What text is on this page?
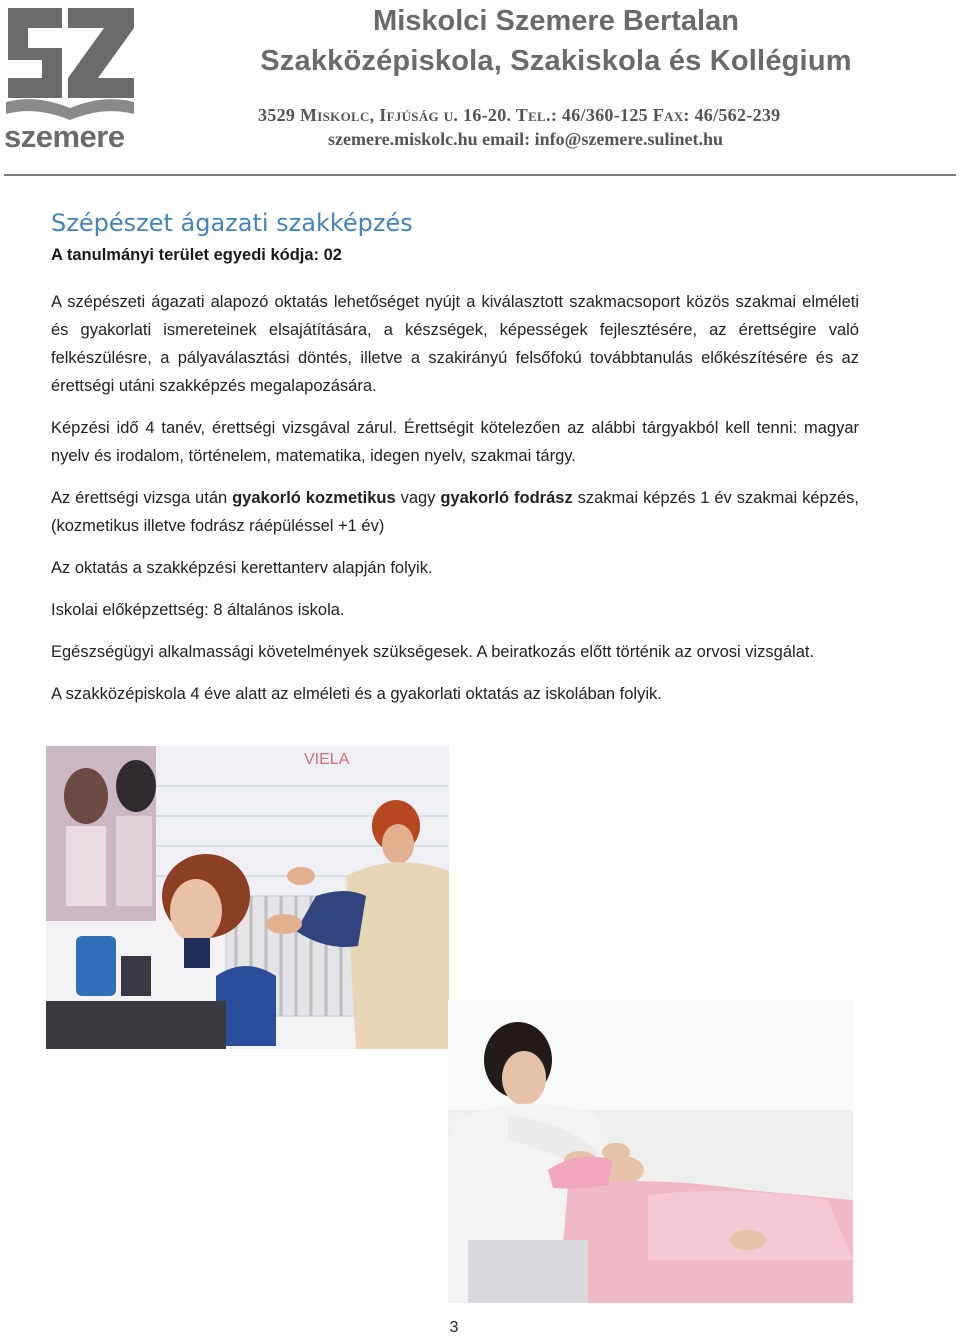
szemere
Miskolci Szemere Bertalan
Szakközépiskola, Szakiskola és Kollégium
3529 Miskolc, Ifjúság u. 16-20. Tel.: 46/360-125 Fax: 46/562-239
szemere.miskolc.hu email: info@szemere.sulinet.hu
Szépészet ágazati szakképzés
A tanulmányi terület egyedi kódja: 02

A szépészeti ágazati alapozó oktatás lehetőséget nyújt a kiválasztott szakmacsoport közös szakmai elméleti és gyakorlati ismereteinek elsajátítására, a készségek, képességek fejlesztésére, az érettségire való felkészülésre, a pályaválasztási döntés, illetve a szakirányú felsőfokú továbbtanulás előkészítésére és az érettségi utáni szakképzés megalapozására.

Képzési idő 4 tanév, érettségi vizsgával zárul. Érettségit kötelezően az alábbi tárgyakból kell tenni: magyar nyelv és irodalom, történelem, matematika, idegen nyelv, szakmai tárgy.

Az érettségi vizsga után gyakorló kozmetikus vagy gyakorló fodrász szakmai képzés 1 év szakmai képzés, (kozmetikus illetve fodrász ráépüléssel +1 év)

Az oktatás a szakképzési kerettanterv alapján folyik.

Iskolai előképzettség: 8 általános iskola.

Egészségügyi alkalmassági követelmények szükségesek. A beiratkozás előtt történik az orvosi vizsgálat.

A szakközépiskola 4 éve alatt az elméleti és a gyakorlati oktatás az iskolában folyik.

VIELA
3
